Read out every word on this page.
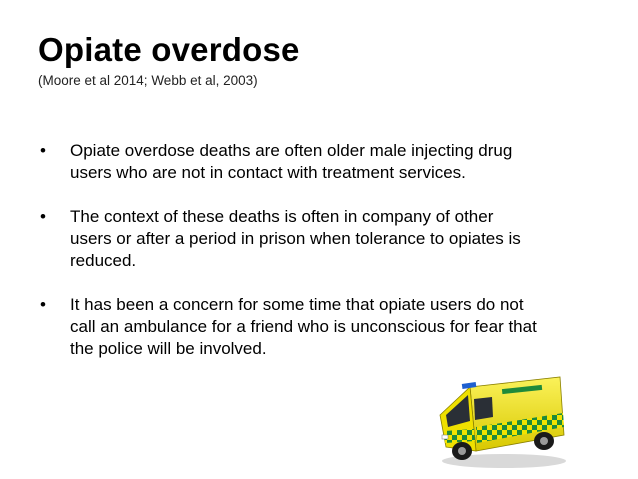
Opiate overdose
(Moore et al 2014; Webb et al, 2003)
• Opiate overdose deaths are often older male injecting drug
users who are not in contact with treatment services.
• The context of these deaths is often in company of other
users or after a period in prison when tolerance to opiates is
reduced.
• It has been a concern for some time that opiate users do not
call an ambulance for a friend who is unconscious for fear that
the police will be involved.
